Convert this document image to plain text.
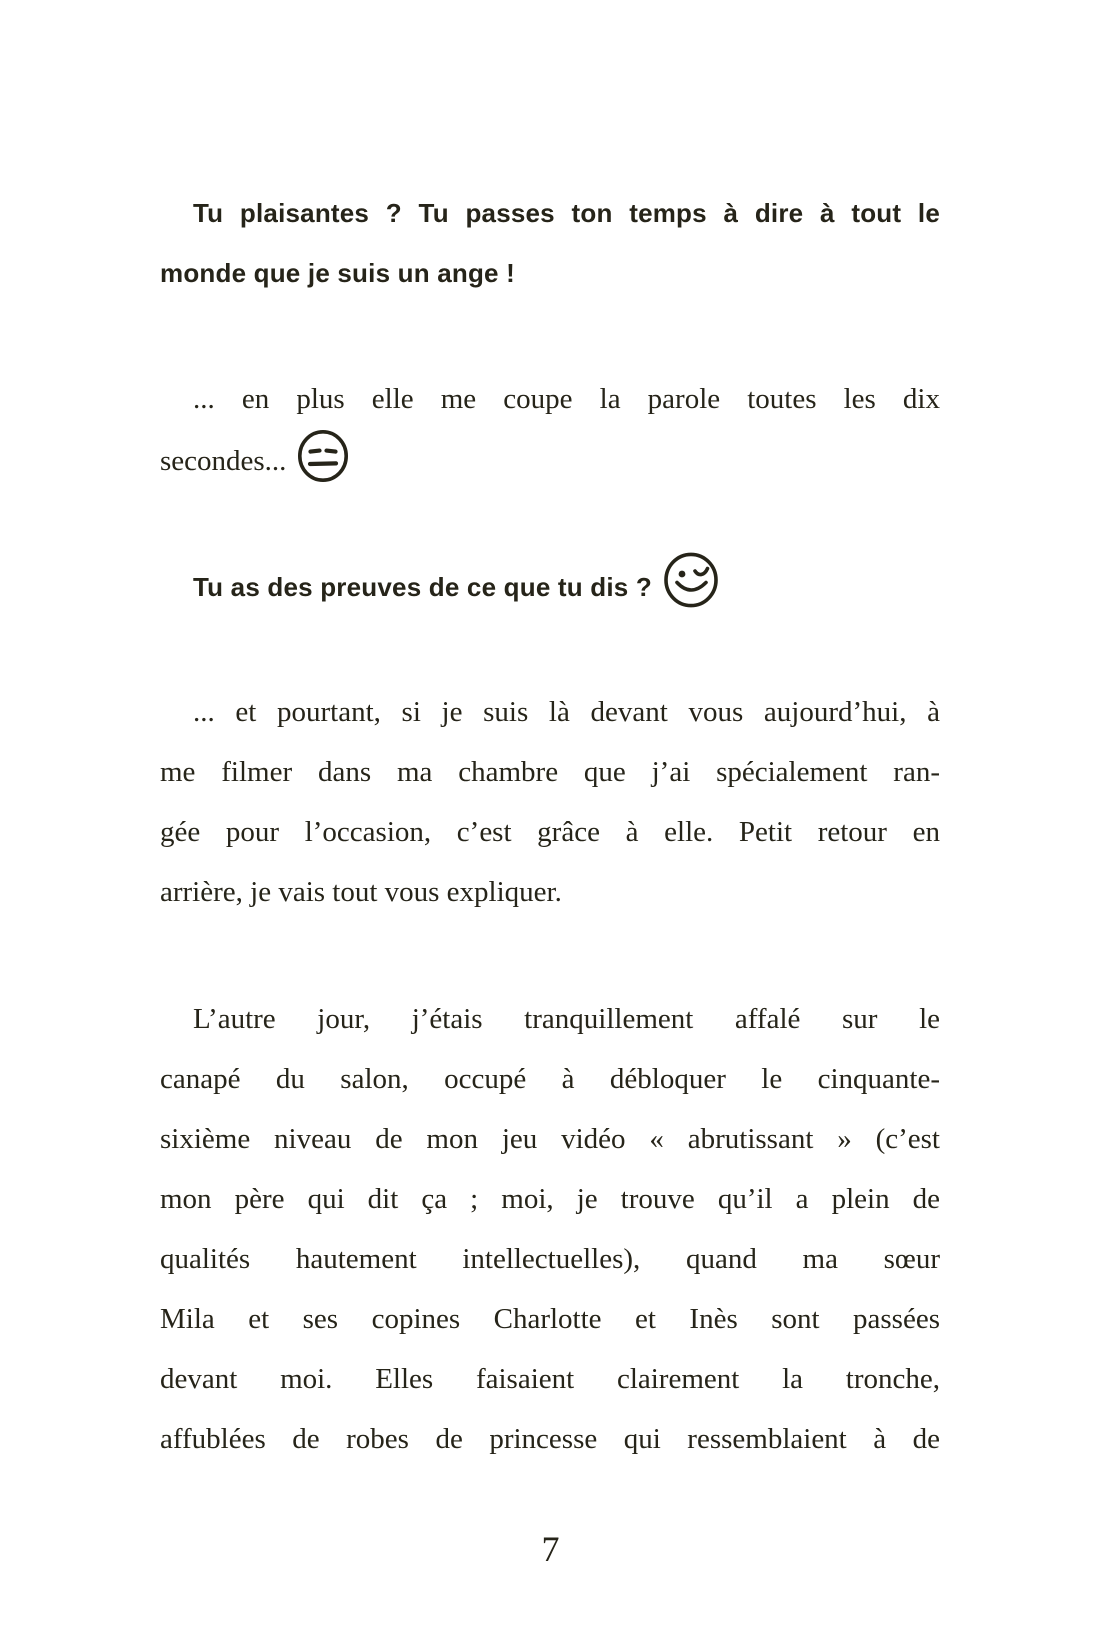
Tu plaisantes ? Tu passes ton temps à dire à tout le
monde que je suis un ange !
... en plus elle me coupe la parole toutes les dix
secondes...
Tu as des preuves de ce que tu dis ?
... et pourtant, si je suis là devant vous aujourd’hui, à
me filmer dans ma chambre que j’ai spécialement ran-
gée pour l’occasion, c’est grâce à elle. Petit retour en
arrière, je vais tout vous expliquer.
L’autre jour, j’étais tranquillement affalé sur le
canapé du salon, occupé à débloquer le cinquante-
sixième niveau de mon jeu vidéo « abrutissant » (c’est
mon père qui dit ça ; moi, je trouve qu’il a plein de
qualités hautement intellectuelles), quand ma sœur
Mila et ses copines Charlotte et Inès sont passées
devant moi. Elles faisaient clairement la tronche,
affublées de robes de princesse qui ressemblaient à de
7
